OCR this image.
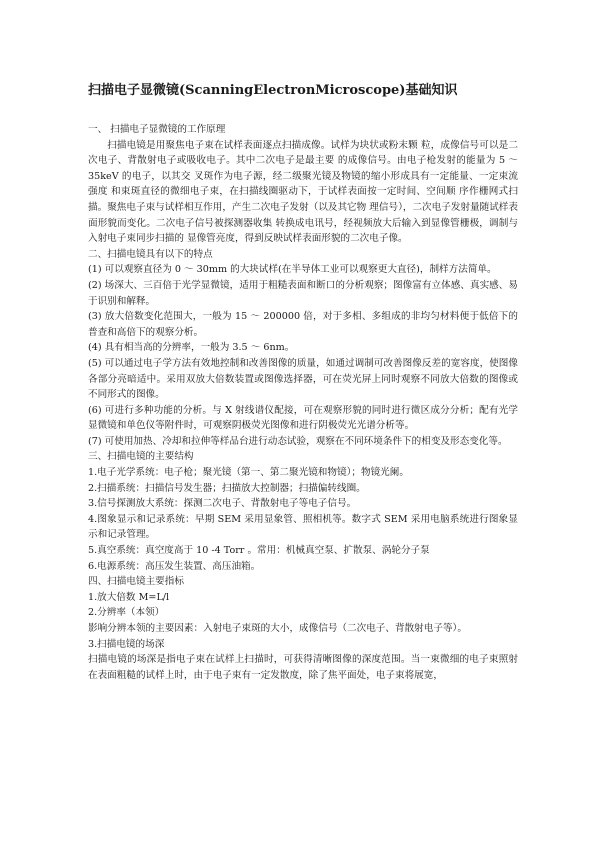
扫描电子显微镜(ScanningElectronMicroscope)基础知识

一、 扫描电子显微镜的工作原理

扫描电镜是用聚焦电子束在试样表面逐点扫描成像。试样为块状或粉末颗 粒，成像信号可以是二次电子、背散射电子或吸收电子。其中二次电子是最主要 的成像信号。由电子枪发射的能量为 5 ～ 35keV 的电子，以其交 叉斑作为电子源，经二级聚光镜及物镜的缩小形成具有一定能量、一定束流强度 和束斑直径的微细电子束，在扫描线圈驱动下，于试样表面按一定时间、空间顺 序作栅网式扫描。聚焦电子束与试样相互作用，产生二次电子发射（以及其它物 理信号），二次电子发射量随试样表面形貌而变化。二次电子信号被探测器收集 转换成电讯号，经视频放大后输入到显像管栅极，调制与入射电子束同步扫描的 显像管亮度，得到反映试样表面形貌的二次电子像。

二、扫描电镜具有以下的特点

(1) 可以观察直径为 0 ～ 30mm 的大块试样(在半导体工业可以观察更大直径)，制样方法简单。

(2) 场深大、三百倍于光学显微镜，适用于粗糙表面和断口的分析观察；图像富有立体感、真实感、易于识别和解释。

(3) 放大倍数变化范围大，一般为 15 ～ 200000 倍，对于多相、多组成的非均匀材料便于低倍下的普查和高倍下的观察分析。

(4) 具有相当高的分辨率，一般为 3.5 ～ 6nm。

(5) 可以通过电子学方法有效地控制和改善图像的质量，如通过调制可改善图像反差的宽容度，使图像各部分亮暗适中。采用双放大倍数装置或图像选择器，可在荧光屏上同时观察不同放大倍数的图像或不同形式的图像。

(6) 可进行多种功能的分析。与 X 射线谱仪配接，可在观察形貌的同时进行微区成分分析；配有光学显微镜和单色仪等附件时，可观察阴极荧光图像和进行阴极荧光光谱分析等。

(7) 可使用加热、冷却和拉伸等样品台进行动态试验，观察在不同环境条件下的相变及形态变化等。

三、扫描电镜的主要结构

1.电子光学系统：电子枪；聚光镜（第一、第二聚光镜和物镜）；物镜光阑。

2.扫描系统：扫描信号发生器；扫描放大控制器；扫描偏转线圈。

3.信号探测放大系统：探测二次电子、背散射电子等电子信号。

4.图象显示和记录系统：早期 SEM 采用显象管、照相机等。数字式 SEM 采用电脑系统进行图象显示和记录管理。

5.真空系统：真空度高于 10 -4 Torr 。常用：机械真空泵、扩散泵、涡轮分子泵

6.电源系统：高压发生装置、高压油箱。

四、扫描电镜主要指标

1.放大倍数 M=L/l

2.分辨率（本领）

影响分辨本领的主要因素：入射电子束斑的大小，成像信号（二次电子、背散射电子等）。

3.扫描电镜的场深

扫描电镜的场深是指电子束在试样上扫描时，可获得清晰图像的深度范围。当一束微细的电子束照射在表面粗糙的试样上时，由于电子束有一定发散度，除了焦平面处，电子束将展宽，
